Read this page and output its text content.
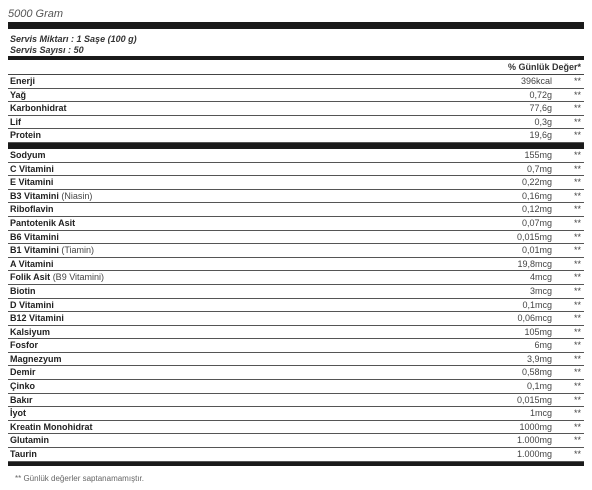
5000 Gram
Servis Miktarı : 1 Saşe (100 g)
Servis Sayısı : 50
% Günlük Değer*
Enerji	396kcal **
Yağ	0,72g **
Karbonhidrat	77,6g **
Lif	0,3g **
Protein	19,6g **
Sodyum	155mg **
C Vitamini	0,7mg **
E Vitamini	0,22mg **
B3 Vitamini (Niasin)	0,16mg **
Riboflavin	0,12mg **
Pantotenik Asit	0,07mg **
B6 Vitamini	0,015mg **
B1 Vitamini (Tiamin)	0,01mg **
A Vitamini	19,8mcg **
Folik Asit (B9 Vitamini)	4mcg **
Biotin	3mcg **
D Vitamini	0,1mcg **
B12 Vitamini	0,06mcg **
Kalsiyum	105mg **
Fosfor	6mg **
Magnezyum	3,9mg **
Demir	0,58mg **
Çinko	0,1mg **
Bakır	0,015mg **
İyot	1mcg **
Kreatin Monohidrat	1000mg **
Glutamin	1.000mg **
Taurin	1.000mg **
** Günlük değerler saptanamamıştır.
